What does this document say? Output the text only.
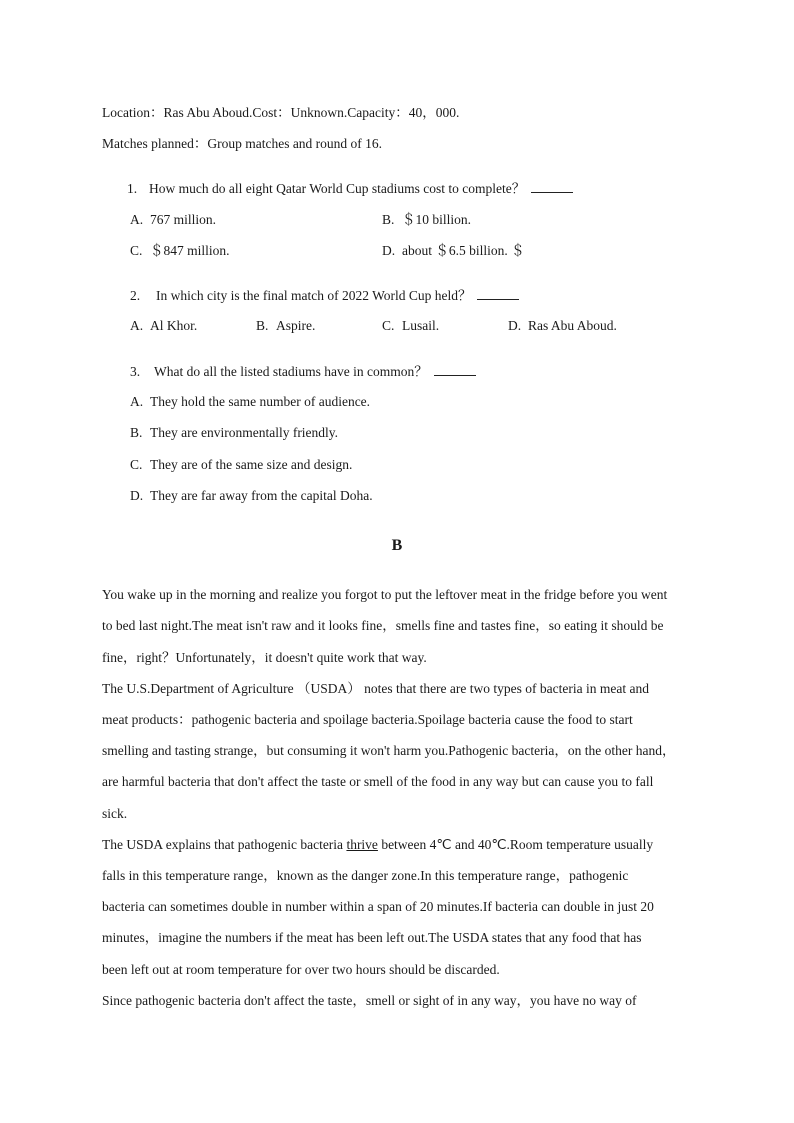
Location：Ras Abu Aboud.Cost：Unknown.Capacity：40，000.
Matches planned：Group matches and round of 16.
1. How much do all eight Qatar World Cup stadiums cost to complete？
A. 767 million.	B. ＄10 billion.
C. ＄847 million.	D. about ＄6.5 billion. ＄
2. In which city is the final match of 2022 World Cup held？
A. Al Khor.	B. Aspire.	C. Lusail.	D. Ras Abu Aboud.
3. What do all the listed stadiums have in common？
A. They hold the same number of audience.
B. They are environmentally friendly.
C. They are of the same size and design.
D. They are far away from the capital Doha.
B
You wake up in the morning and realize you forgot to put the leftover meat in the fridge before you went
to bed last night.The meat isn't raw and it looks fine，smells fine and tastes fine，so eating it should be
fine，right？Unfortunately，it doesn't quite work that way.
The U.S.Department of Agriculture （USDA） notes that there are two types of bacteria in meat and
meat products：pathogenic bacteria and spoilage bacteria.Spoilage bacteria cause the food to start
smelling and tasting strange，but consuming it won't harm you.Pathogenic bacteria，on the other hand，
are harmful bacteria that don't affect the taste or smell of the food in any way but can cause you to fall
sick.
The USDA explains that pathogenic bacteria thrive between 4℃ and 40℃.Room temperature usually
falls in this temperature range，known as the danger zone.In this temperature range，pathogenic
bacteria can sometimes double in number within a span of 20 minutes.If bacteria can double in just 20
minutes，imagine the numbers if the meat has been left out.The USDA states that any food that has
been left out at room temperature for over two hours should be discarded.
Since pathogenic bacteria don't affect the taste，smell or sight of in any way，you have no way of
